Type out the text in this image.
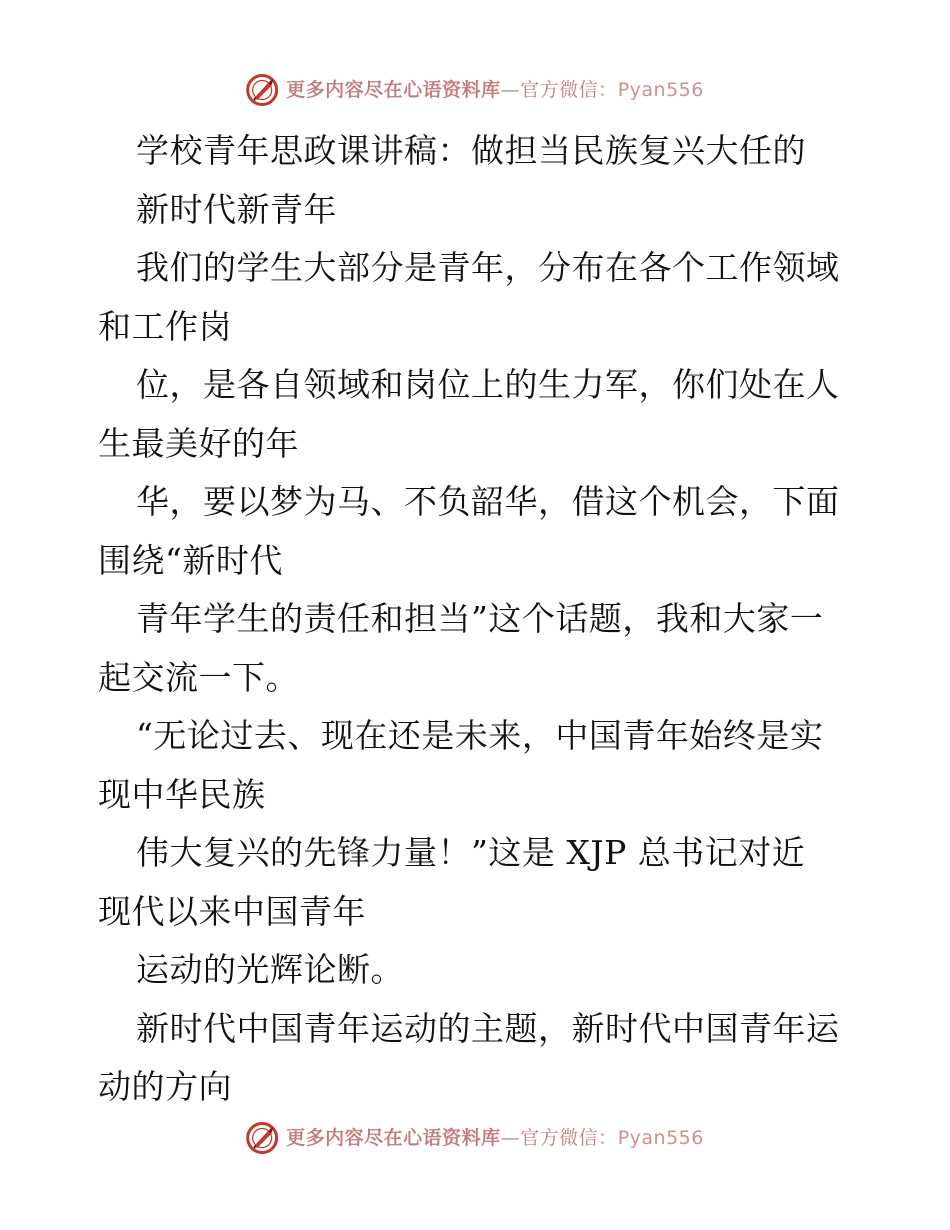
更多内容尽在心语资料库—官方微信：Pyan556
学校青年思政课讲稿：做担当民族复兴大任的
新时代新青年
我们的学生大部分是青年，分布在各个工作领域
和工作岗
位，是各自领域和岗位上的生力军，你们处在人
生最美好的年
华，要以梦为马、不负韶华，借这个机会，下面
围绕“新时代
青年学生的责任和担当”这个话题，我和大家一
起交流一下。
“无论过去、现在还是未来，中国青年始终是实
现中华民族
伟大复兴的先锋力量！”这是 XJP 总书记对近
现代以来中国青年
运动的光辉论断。
新时代中国青年运动的主题，新时代中国青年运
动的方向
更多内容尽在心语资料库—官方微信：Pyan556
